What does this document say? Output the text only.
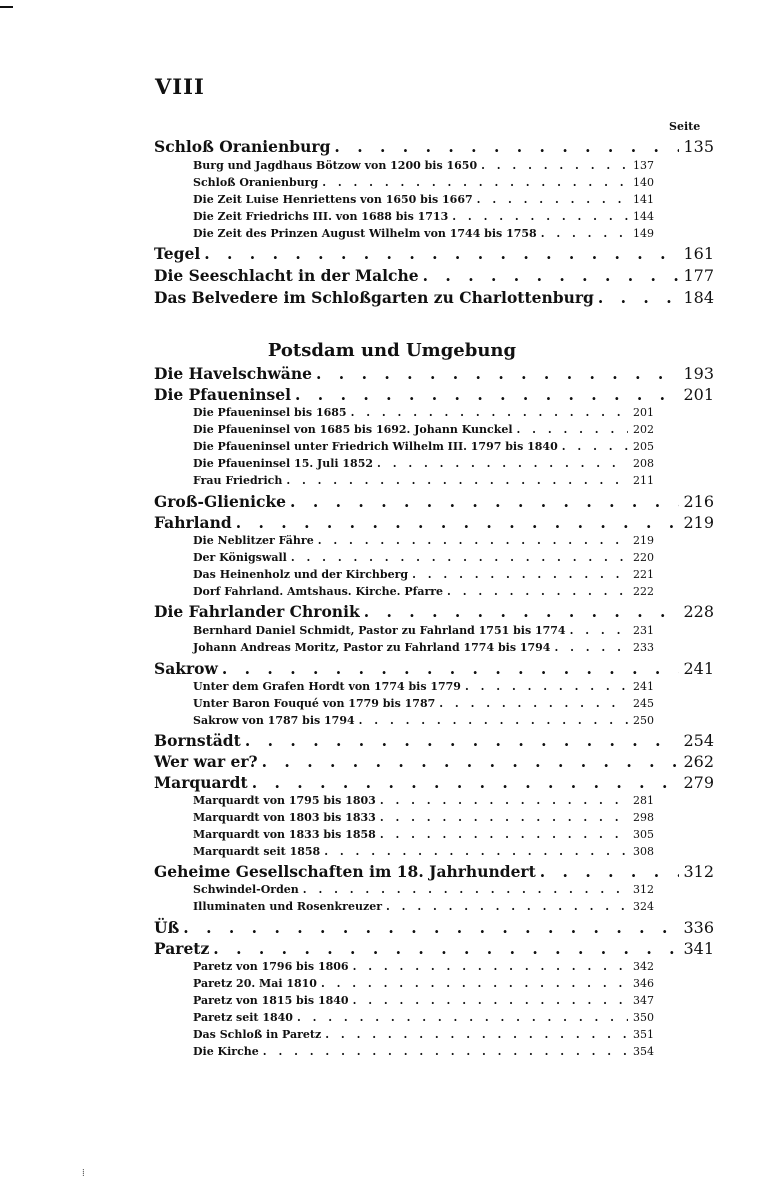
VIII
Seite
Schloß Oranienburg . . .	135
Burg und Jagdhaus Bötzow von 1200 bis 1650 . . .	137
Schloß Oranienburg . . .	140
Die Zeit Luise Henriettens von 1650 bis 1667 . . .	141
Die Zeit Friedrichs III. von 1688 bis 1713 . . .	144
Die Zeit des Prinzen August Wilhelm von 1744 bis 1758 . . .	149
Tegel . . .	161
Die Seeschlacht in der Malche . . .	177
Das Belvedere im Schloßgarten zu Charlottenburg . . .	184
Potsdam und Umgebung
Die Havelschwäne . . .	193
Die Pfaueninsel . . .	201
Die Pfaueninsel bis 1685 . . .	201
Die Pfaueninsel von 1685 bis 1692. Johann Kunckel . . .	202
Die Pfaueninsel unter Friedrich Wilhelm III. 1797 bis 1840 . . .	205
Die Pfaueninsel 15. Juli 1852 . . .	208
Frau Friedrich . . .	211
Groß-Glienicke . . .	216
Fahrland . . .	219
Die Neblitzer Fähre . . .	219
Der Königswall . . .	220
Das Heinenholz und der Kirchberg . . .	221
Dorf Fahrland. Amtshaus. Kirche. Pfarre . . .	222
Die Fahrlander Chronik . . .	228
Bernhard Daniel Schmidt, Pastor zu Fahrland 1751 bis 1774 . . .	231
Johann Andreas Moritz, Pastor zu Fahrland 1774 bis 1794 . . .	233
Sakrow . . .	241
Unter dem Grafen Hordt von 1774 bis 1779 . . .	241
Unter Baron Fouqué von 1779 bis 1787 . . .	245
Sakrow von 1787 bis 1794 . . .	250
Bornstädt . . .	254
Wer war er? . . .	262
Marquardt . . .	279
Marquardt von 1795 bis 1803 . . .	281
Marquardt von 1803 bis 1833 . . .	298
Marquardt von 1833 bis 1858 . . .	305
Marquardt seit 1858 . . .	308
Geheime Gesellschaften im 18. Jahrhundert . . .	312
Schwindel-Orden . . .	312
Illuminaten und Rosenkreuzer . . .	324
Üß . . .	336
Paretz . . .	341
Paretz von 1796 bis 1806 . . .	342
Paretz 20. Mai 1810 . . .	346
Paretz von 1815 bis 1840 . . .	347
Paretz seit 1840 . . .	350
Das Schloß in Paretz . . .	351
Die Kirche . . .	354
⁞
